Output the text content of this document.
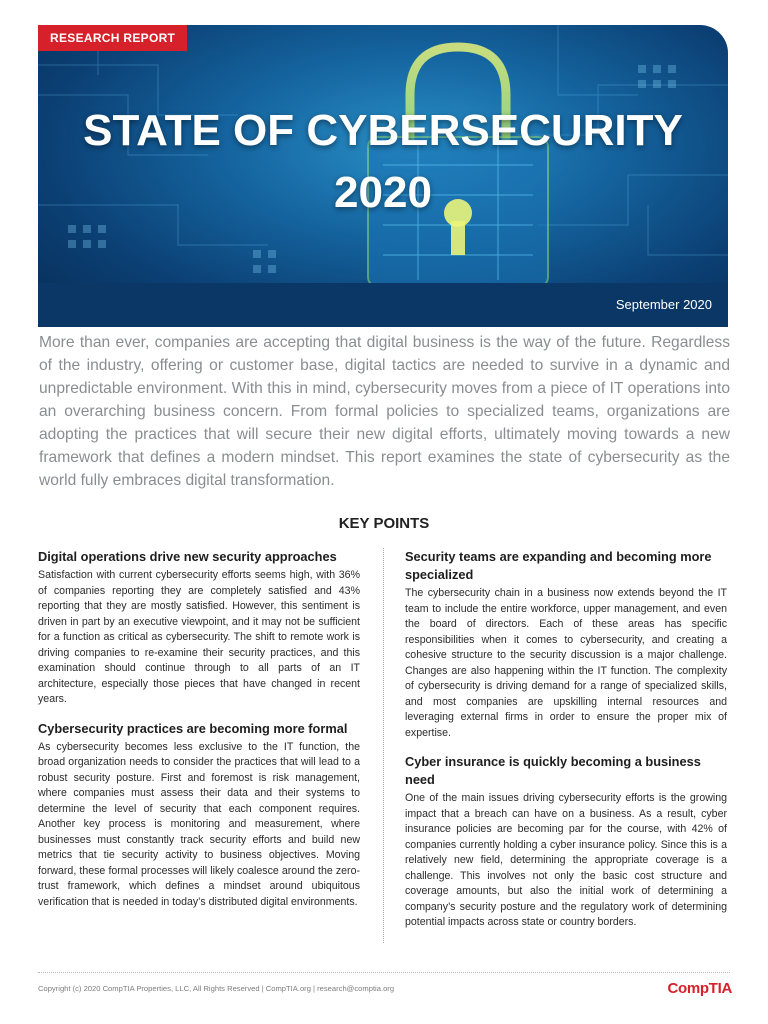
September 2020
RESEARCH REPORT
STATE OF CYBERSECURITY
2020

More than ever, companies are accepting that digital business is the way of the future. Regardless of the industry, offering or customer base, digital tactics are needed to survive in a dynamic and unpredictable environment. With this in mind, cybersecurity moves from a piece of IT operations into an overarching business concern. From formal policies to specialized teams, organizations are adopting the practices that will secure their new digital efforts, ultimately moving towards a new framework that defines a modern mindset. This report examines the state of cybersecurity as the world fully embraces digital transformation.

KEY POINTS
Digital operations drive new security approaches

Satisfaction with current cybersecurity efforts seems high, with 36% of companies reporting they are completely satisfied and 43% reporting that they are mostly satisfied. However, this sentiment is driven in part by an executive viewpoint, and it may not be sufficient for a function as critical as cybersecurity. The shift to remote work is driving companies to re-examine their security practices, and this examination should continue through to all parts of an IT architecture, especially those pieces that have changed in recent years.

Cybersecurity practices are becoming more formal

As cybersecurity becomes less exclusive to the IT function, the broad organization needs to consider the practices that will lead to a robust security posture. First and foremost is risk management, where companies must assess their data and their systems to determine the level of security that each component requires. Another key process is monitoring and measurement, where businesses must constantly track security efforts and build new metrics that tie security activity to business objectives. Moving forward, these formal processes will likely coalesce around the zero-trust framework, which defines a mindset around ubiquitous verification that is needed in today’s distributed digital environments.

Security teams are expanding and becoming more specialized

The cybersecurity chain in a business now extends beyond the IT team to include the entire workforce, upper management, and even the board of directors. Each of these areas has specific responsibilities when it comes to cybersecurity, and creating a cohesive structure to the security discussion is a major challenge. Changes are also happening within the IT function. The complexity of cybersecurity is driving demand for a range of specialized skills, and most companies are upskilling internal resources and leveraging external firms in order to ensure the proper mix of expertise.

Cyber insurance is quickly becoming a business need

One of the main issues driving cybersecurity efforts is the growing impact that a breach can have on a business. As a result, cyber insurance policies are becoming par for the course, with 42% of companies currently holding a cyber insurance policy. Since this is a relatively new field, determining the appropriate coverage is a challenge. This involves not only the basic cost structure and coverage amounts, but also the initial work of determining a company’s security posture and the regulatory work of determining potential impacts across state or country borders.

Copyright (c) 2020 CompTIA Properties, LLC, All Rights Reserved | CompTIA.org | research@comptia.org	CompTIA
